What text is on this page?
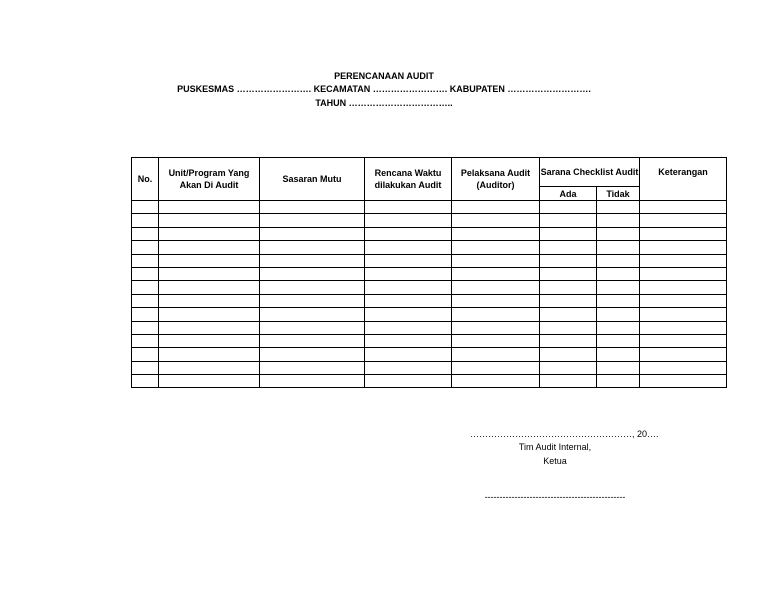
PERENCANAAN AUDIT
PUSKESMAS ……………………. KECAMATAN ……………………. KABUPATEN ……………………….
TAHUN ……………………………..
No.	Unit/Program Yang Akan Di Audit	Sasaran Mutu	Rencana Waktu dilakukan Audit	Pelaksana Audit (Auditor)	Sarana Checklist Audit		Keterangan
					Ada	Tidak	

………………………………………………, 20….
Tim Audit Internal,
Ketua
-----------------------------------------------
